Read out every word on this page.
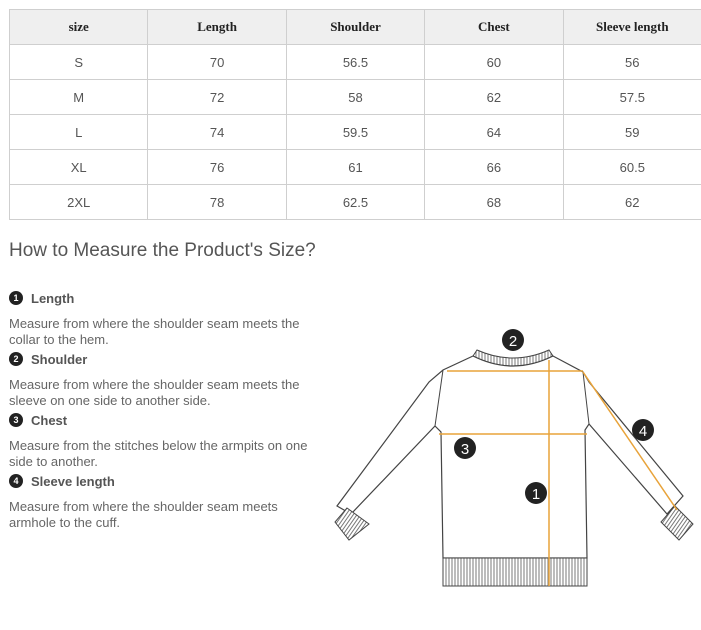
size	Length	Shoulder	Chest	Sleeve length
S	70	56.5	60	56
M	72	58	62	57.5
L	74	59.5	64	59
XL	76	61	66	60.5
2XL	78	62.5	68	62
How to Measure the Product's Size?
1 Length
Measure from where the shoulder seam meets the collar to the hem.
2 Shoulder
Measure from where the shoulder seam meets the sleeve on one side to another side.
3 Chest
Measure from the stitches below the armpits on one side to another.
4 Sleeve length
Measure from where the shoulder seam meets armhole to the cuff.
1
2
3
4
